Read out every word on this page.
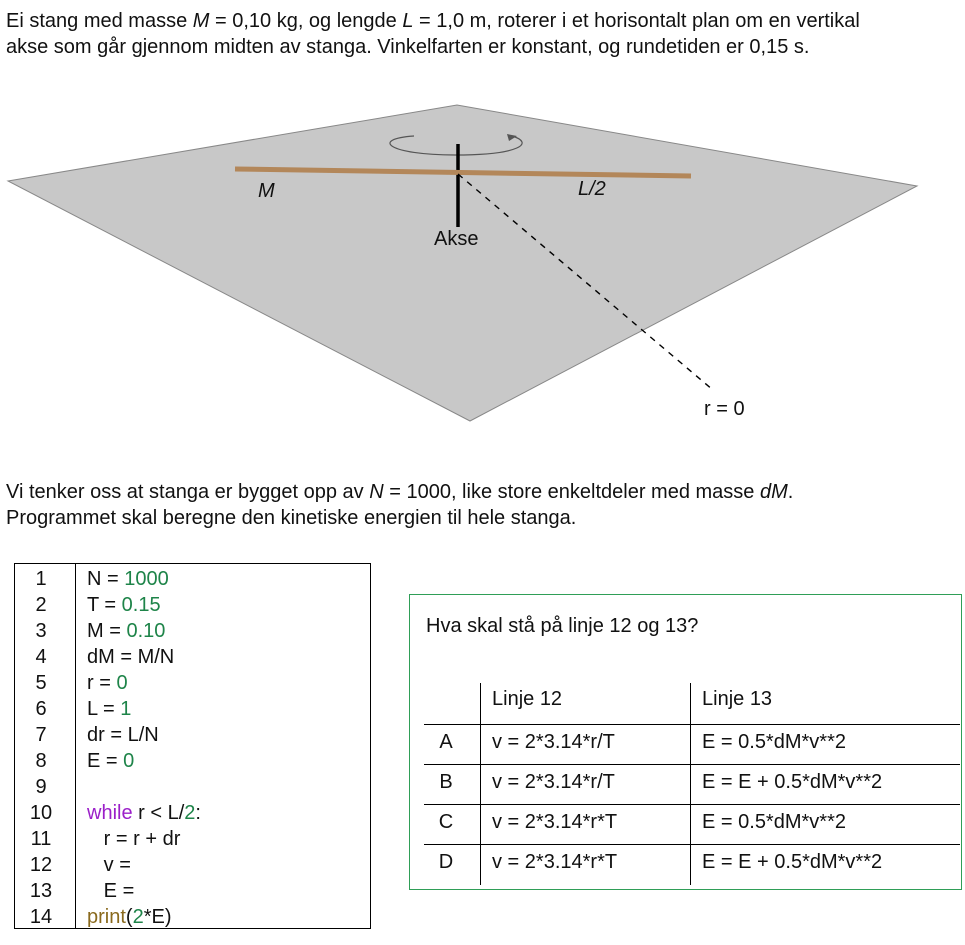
Ei stang med masse M = 0,10 kg, og lengde L = 1,0 m, roterer i et horisontalt plan om en vertikal
akse som går gjennom midten av stanga. Vinkelfarten er konstant, og rundetiden er 0,15 s.

M	L/2
Akse
r = 0

Vi tenker oss at stanga er bygget opp av N = 1000, like store enkeltdeler med masse dM.
Programmet skal beregne den kinetiske energien til hele stanga.

1	N = 1000
2	T = 0.15
3	M = 0.10
4	dM = M/N
5	r = 0
6	L = 1
7	dr = L/N
8	E = 0
9
10	while r < L/2:
11	r = r + dr
12	v =
13	E =
14	print(2*E)
Hva skal stå på linje 12 og 13?
Linje 12	Linje 13
A v = 2*3.14*r/T	E = 0.5*dM*v**2
B v = 2*3.14*r/T	E = E + 0.5*dM*v**2
C v = 2*3.14*r*T	E = 0.5*dM*v**2
D v = 2*3.14*r*T	E = E + 0.5*dM*v**2
